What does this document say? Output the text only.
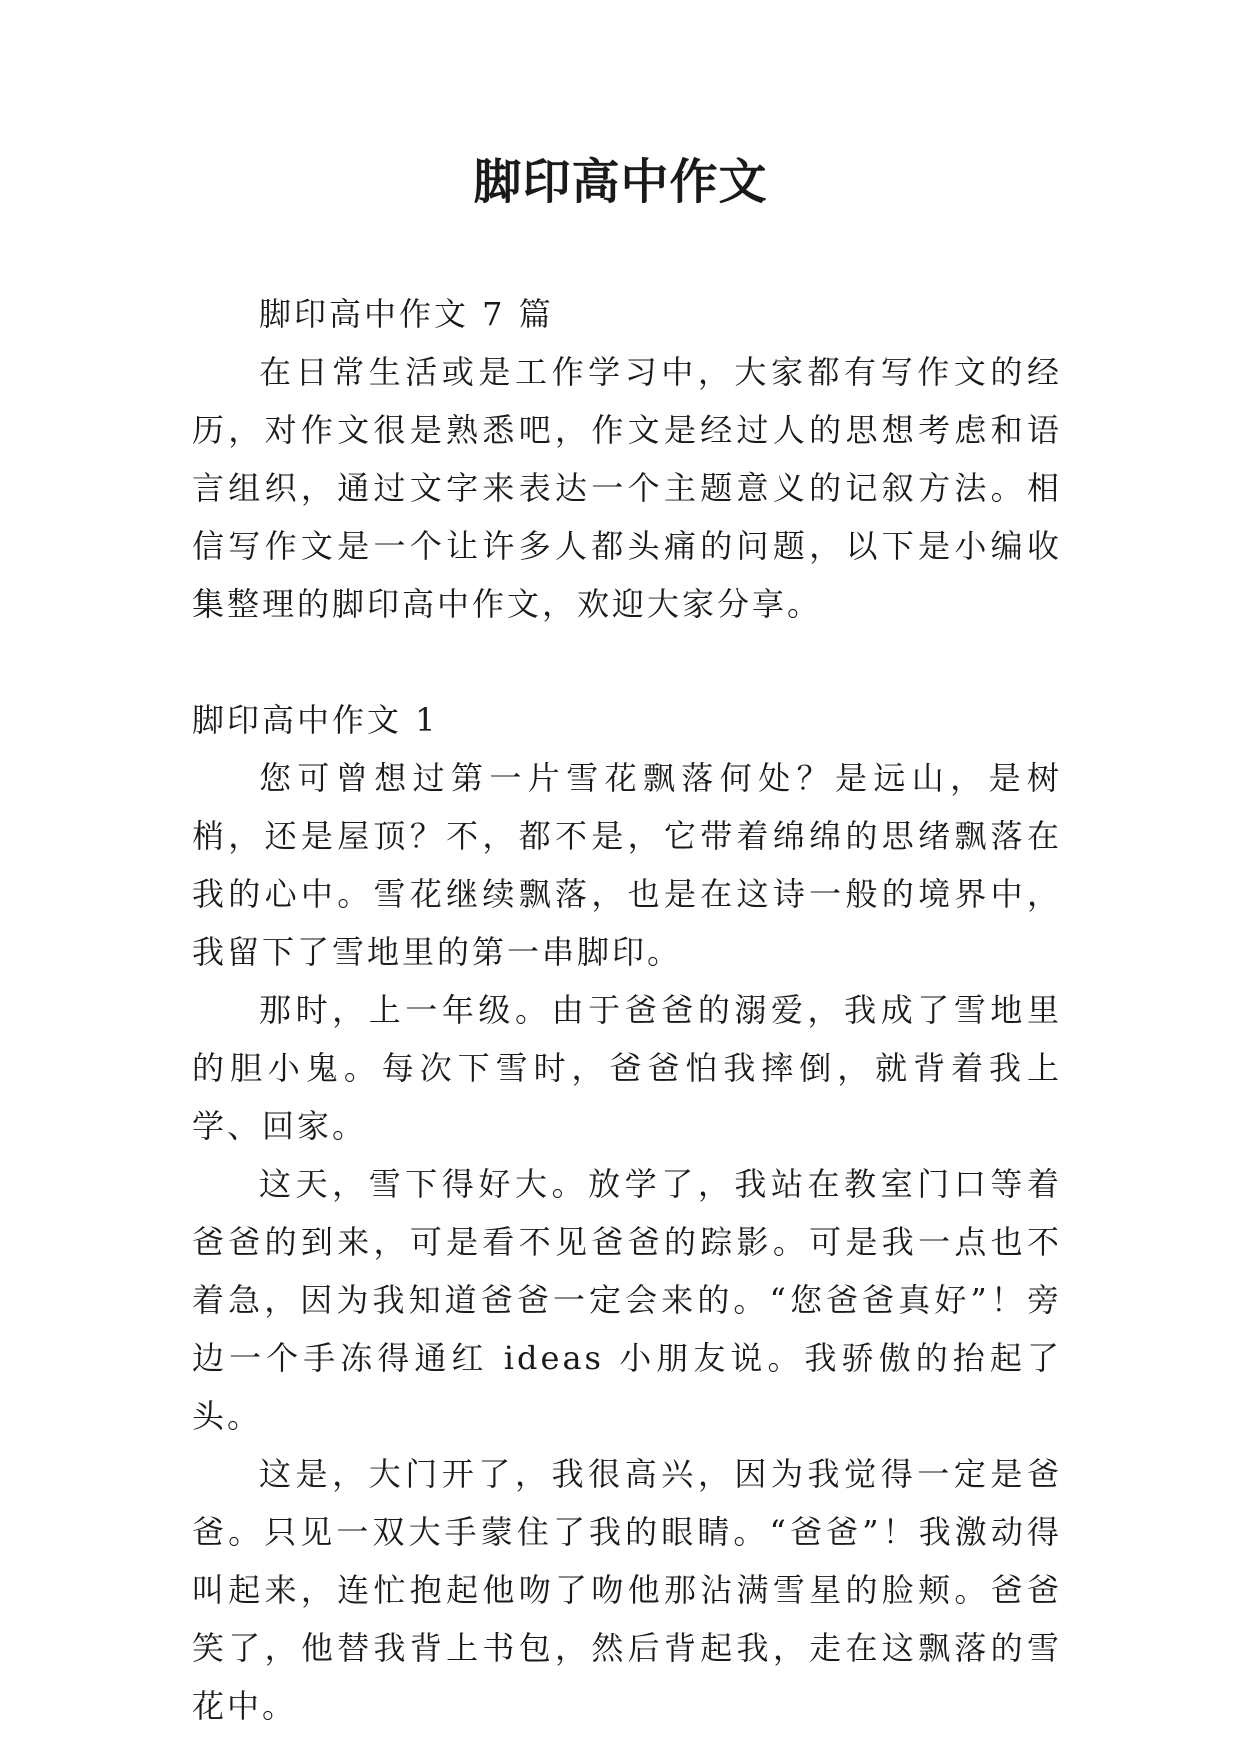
脚印高中作文

脚印高中作文 7 篇

在日常生活或是工作学习中，大家都有写作文的经历，对作文很是熟悉吧，作文是经过人的思想考虑和语言组织，通过文字来表达一个主题意义的记叙方法。相信写作文是一个让许多人都头痛的问题，以下是小编收集整理的脚印高中作文，欢迎大家分享。

脚印高中作文 1

您可曾想过第一片雪花飘落何处？是远山，是树梢，还是屋顶？不，都不是，它带着绵绵的思绪飘落在我的心中。雪花继续飘落，也是在这诗一般的境界中，我留下了雪地里的第一串脚印。

那时，上一年级。由于爸爸的溺爱，我成了雪地里的胆小鬼。每次下雪时，爸爸怕我摔倒，就背着我上学、回家。

这天，雪下得好大。放学了，我站在教室门口等着爸爸的到来，可是看不见爸爸的踪影。可是我一点也不着急，因为我知道爸爸一定会来的。“您爸爸真好”！旁边一个手冻得通红 ideas 小朋友说。我骄傲的抬起了头。

这是，大门开了，我很高兴，因为我觉得一定是爸爸。只见一双大手蒙住了我的眼睛。“爸爸”！我激动得叫起来，连忙抱起他吻了吻他那沾满雪星的脸颊。爸爸笑了，他替我背上书包，然后背起我，走在这飘落的雪花中。
